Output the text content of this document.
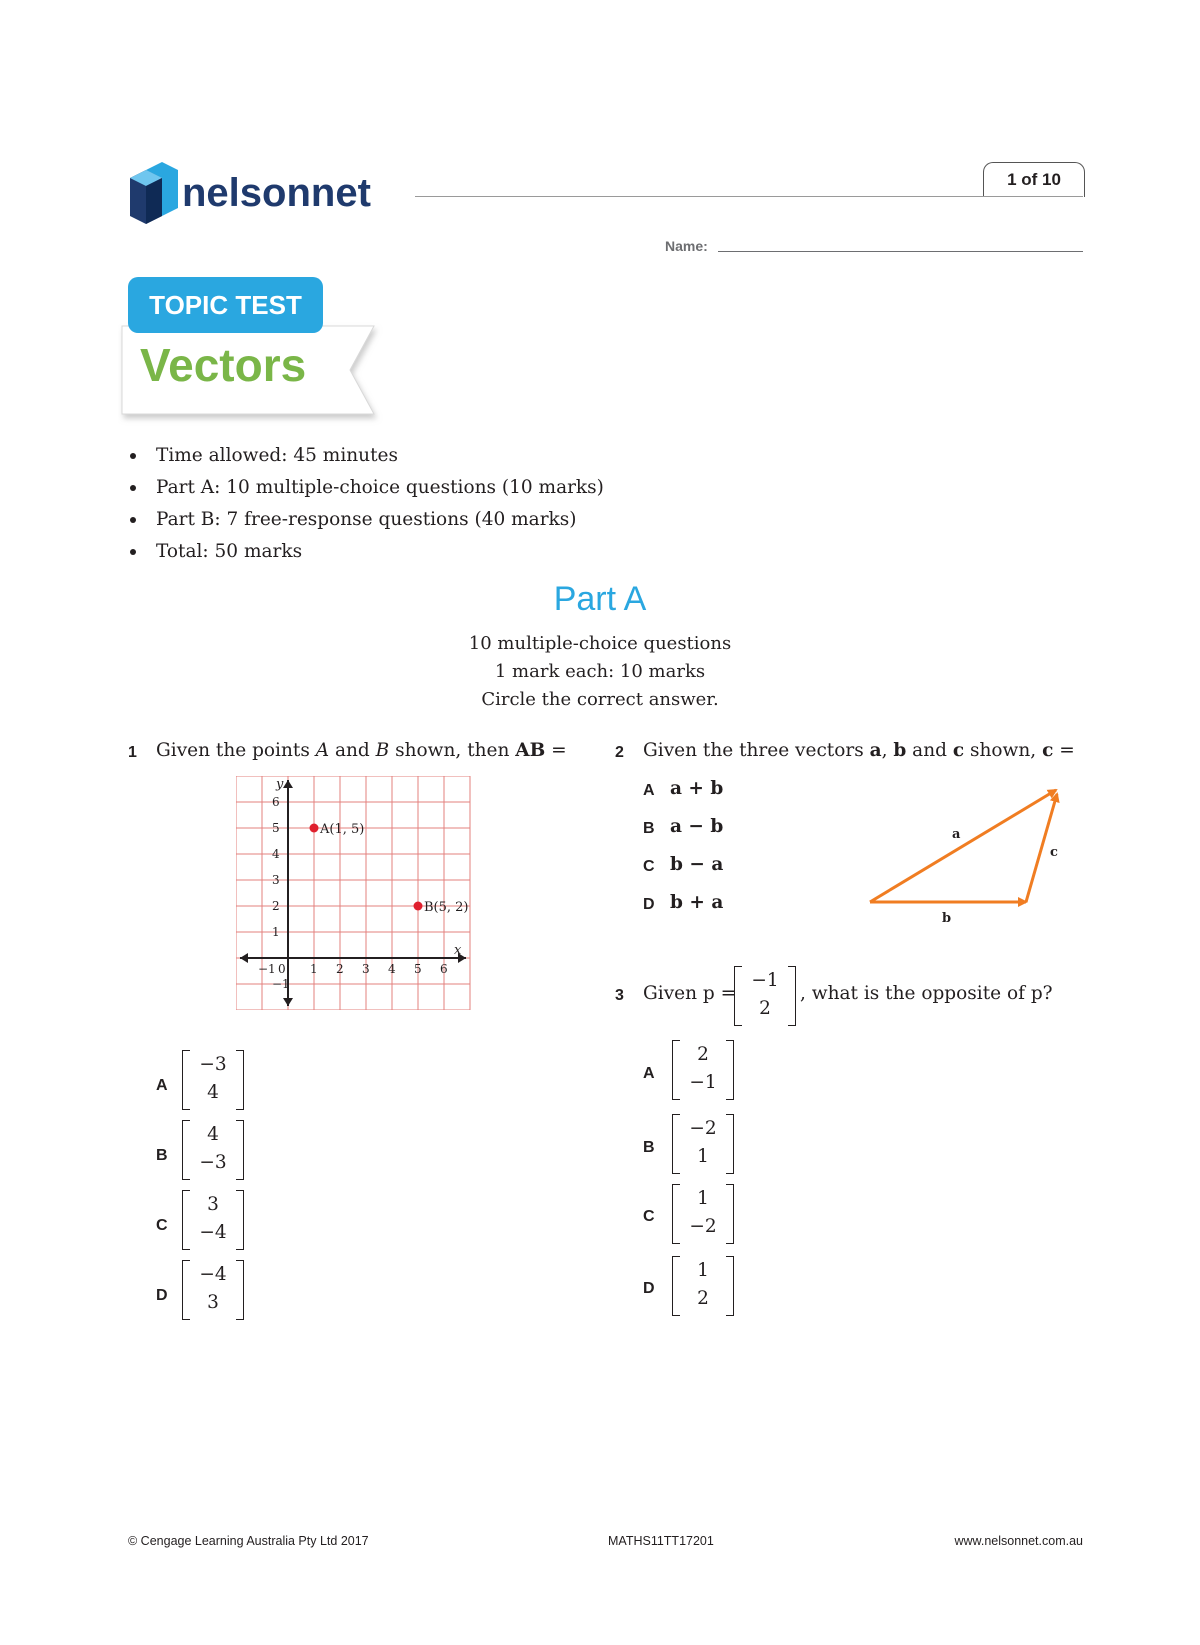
nelsonnet	1 of 10
Name:
TOPIC TEST
Vectors
Time allowed: 45 minutes
Part A: 10 multiple-choice questions (10 marks)
Part B: 7 free-response questions (40 marks)
Total: 50 marks
Part A
10 multiple-choice questions
1 mark each: 10 marks
Circle the correct answer.
1 Given the points A and B shown, then AB =
−1 0 1 2 3 4 5 6
−1
1
2
3
4
5
6
x
y
A(1, 5)
B(5, 2)
A
−3
4
B
4
−3
C
3
−4
D
−4
3
2 Given the three vectors a, b and c shown, c =
A a + b
B a − b
C b − a
D b + a
a
b
c
3 Given p =
−1
2
, what is the opposite of p?
A
2
−1
B
−2
1
C
1
−2
D
1
2
© Cengage Learning Australia Pty Ltd 2017	MATHS11TT17201	www.nelsonnet.com.au
